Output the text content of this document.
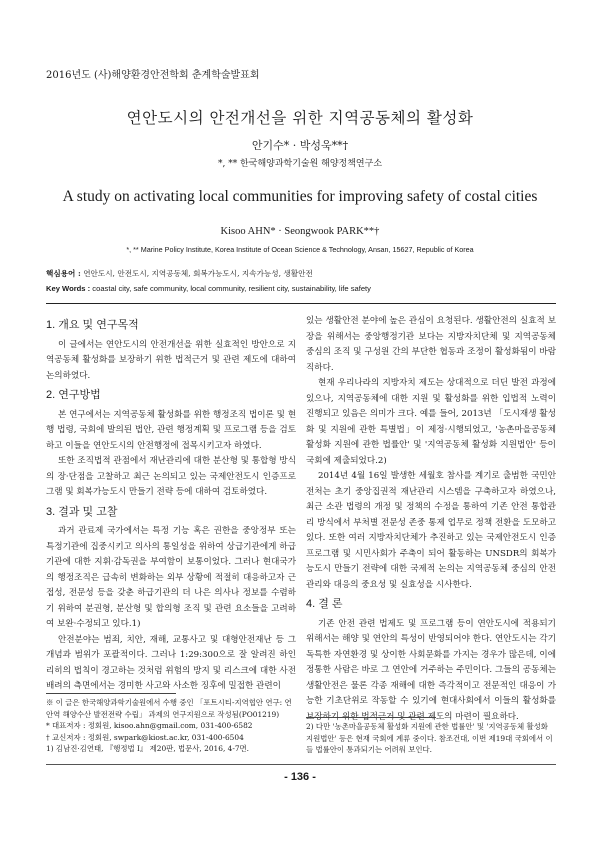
2016년도 (사)해양환경안전학회 춘계학술발표회
연안도시의 안전개선을 위한 지역공동체의 활성화
안기수* · 박성욱**†
*, ** 한국해양과학기술원 해양정책연구소
A study on activating local communities for improving safety of costal cities
Kisoo AHN* · Seongwook PARK**†
*, ** Marine Policy Institute, Korea Institute of Ocean Science & Technology, Ansan, 15627, Republic of Korea
핵심용어 : 연안도시, 안전도시, 지역공동체, 회복가능도시, 지속가능성, 생활안전
Key Words : coastal city, safe community, local community, resilient city, sustainability, life safety
1. 개요 및 연구목적

이 글에서는 연안도시의 안전개선을 위한 실효적인 방안으로 지역공동체 활성화를 보장하기 위한 법적근거 및 관련 제도에 대하여 논의하였다.

2. 연구방법

본 연구에서는 지역공동체 활성화를 위한 행정조직 법이론 및 현행 법령, 국회에 발의된 법안, 관련 행정계획 및 프로그램 등을 검토하고 이들을 연안도시의 안전행정에 접목시키고자 하였다.

또한 조직법적 관점에서 재난관리에 대한 분산형 및 통합형 방식의 장·단점을 고찰하고 최근 논의되고 있는 국제안전도시 인증프로그램 및 회복가능도시 만들기 전략 등에 대하여 검토하였다.

3. 결과 및 고찰

과거 관료제 국가에서는 특정 기능 혹은 권한을 중앙정부 또는 특정기관에 집중시키고 의사의 통일성을 위하여 상급기관에게 하급기관에 대한 지휘·감독권을 부여함이 보통이었다. 그러나 현대국가의 행정조직은 급속히 변화하는 외부 상황에 적절히 대응하고자 근접성, 전문성 등을 갖춘 하급기관의 더 나은 의사나 정보를 수렴하기 위하여 분권형, 분산형 및 합의형 조직 및 관련 요소들을 고려하여 보완·수정되고 있다.1)

안전분야는 범죄, 치안, 재해, 교통사고 및 대형안전재난 등 그 개념과 범위가 포괄적이다. 그러나 1:29:300으로 잘 알려진 하인리히의 법칙이 경고하는 것처럼 위험의 방지 및 리스크에 대한 사전배려의 측면에서는 경미한 사고와 사소한 징후에 밀접한 관련이

※ 이 글은 한국해양과학기술원에서 수행 중인 「포트시티-지역협안 연구: 연안역 해양수산 발전전략 수립」 과제의 연구지원으로 작성됨(PO01219)
* 대표저자 : 정회원, kisoo.ahn@gmail.com, 031-400-6582
† 교신저자 : 정회원, swpark@kiost.ac.kr, 031-400-6504
1) 김남진·김연태, 『행정법 I』 제20판, 법문사, 2016, 4-7면.

있는 생활안전 분야에 높은 관심이 요청된다. 생활안전의 실효적 보장을 위해서는 중앙행정기관 보다는 지방자치단체 및 지역공동체 중심의 조직 및 구성원 간의 부단한 협동과 조정이 활성화됨이 바람직하다.

현재 우리나라의 지방자치 제도는 상대적으로 더딘 발전 과정에 있으나, 지역공동체에 대한 지원 및 활성화를 위한 입법적 노력이 진행되고 있음은 의미가 크다. 예를 들어, 2013년 「도시재생 활성화 및 지원에 관한 특별법」이 제정·시행되었고, '농촌마을공동체 활성화 지원에 관한 법률안' 및 '지역공동체 활성화 지원법안' 등이 국회에 제출되었다.2)

2014년 4월 16일 발생한 세월호 참사를 계기로 출범한 국민안전처는 초기 중앙집권적 재난관리 시스템을 구축하고자 하였으나, 최근 소관 법령의 개정 및 정책의 수정을 통하여 기존 안전 통합관리 방식에서 부처별 전문성 존중 통제 업무로 정책 전환을 도모하고 있다. 또한 여러 지방자치단체가 추진하고 있는 국제안전도시 인증 프로그램 및 시민사회가 주축이 되어 활동하는 UNSDR의 회복가능도시 만들기 전략에 대한 국제적 논의는 지역공동체 중심의 안전 관리와 대응의 중요성 및 실효성을 시사한다.

4. 결 론

기존 안전 관련 법제도 및 프로그램 등이 연안도시에 적용되기 위해서는 해양 및 연안의 특성이 반영되어야 한다. 연안도시는 각기 독특한 자연환경 및 상이한 사회문화를 가지는 경우가 많은데, 이에 정통한 사람은 바로 그 연안에 거주하는 주민이다. 그들의 공동체는 생활안전은 물론 각종 재해에 대한 즉각적이고 전문적인 대응이 가능한 기초단위로 작동할 수 있기에 현대사회에서 이들의 활성화를 보장하기 위한 법적근거 및 관련 제도의 마련이 필요하다.

2) 다만 '농촌마을공동체 활성화 지원에 관한 법률안' 및 '지역공동체 활성화 지원법안' 등은 현재 국회에 계류 중이다. 참조건대, 이번 제19대 국회에서 이들 법률안이 통과되기는 어려워 보인다.
- 136 -
